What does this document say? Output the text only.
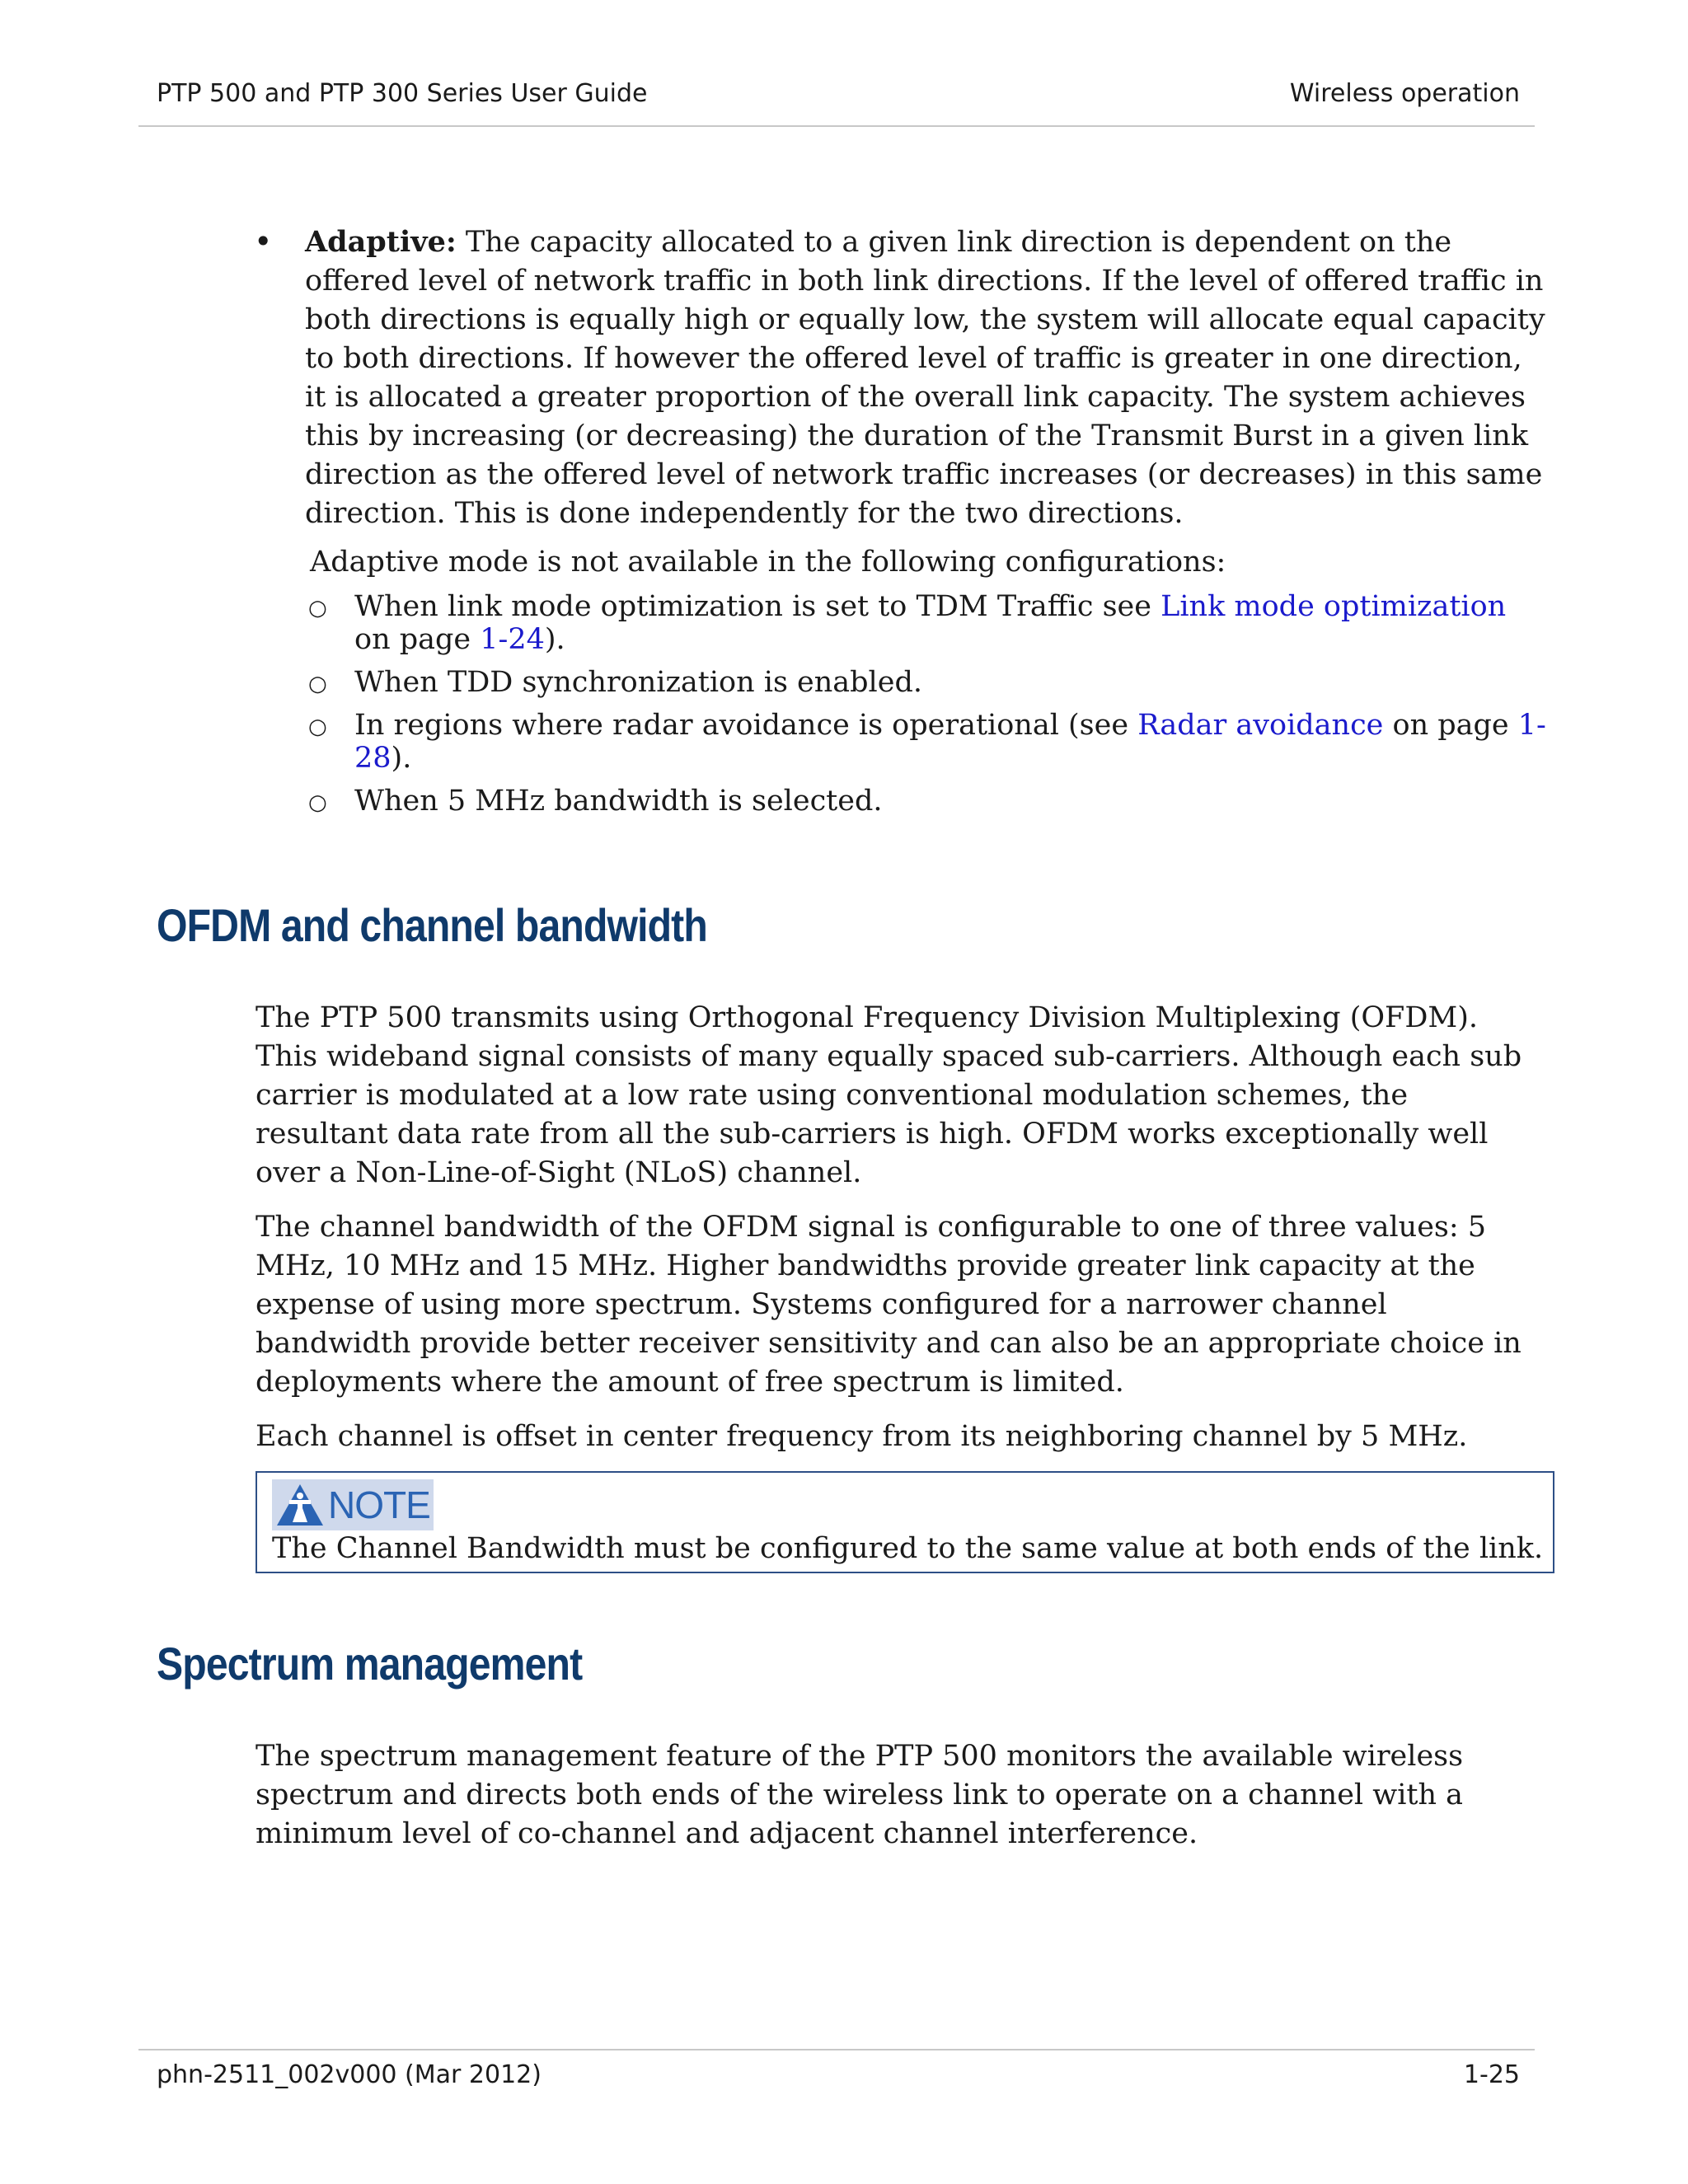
PTP 500 and PTP 300 Series User Guide	Wireless operation
• Adaptive: The capacity allocated to a given link direction is dependent on the offered level of network traffic in both link directions. If the level of offered traffic in both directions is equally high or equally low, the system will allocate equal capacity to both directions. If however the offered level of traffic is greater in one direction, it is allocated a greater proportion of the overall link capacity. The system achieves this by increasing (or decreasing) the duration of the Transmit Burst in a given link direction as the offered level of network traffic increases (or decreases) in this same direction. This is done independently for the two directions.
Adaptive mode is not available in the following configurations:
○ When link mode optimization is set to TDM Traffic see Link mode optimization on page 1-24).
○ When TDD synchronization is enabled.
○ In regions where radar avoidance is operational (see Radar avoidance on page 1-
28).
○ When 5 MHz bandwidth is selected.
OFDM and channel bandwidth

The PTP 500 transmits using Orthogonal Frequency Division Multiplexing (OFDM). This wideband signal consists of many equally spaced sub-carriers. Although each sub carrier is modulated at a low rate using conventional modulation schemes, the resultant data rate from all the sub-carriers is high. OFDM works exceptionally well over a Non-Line-of-Sight (NLoS) channel.

The channel bandwidth of the OFDM signal is configurable to one of three values: 5 MHz, 10 MHz and 15 MHz. Higher bandwidths provide greater link capacity at the expense of using more spectrum. Systems configured for a narrower channel bandwidth provide better receiver sensitivity and can also be an appropriate choice in deployments where the amount of free spectrum is limited.

Each channel is offset in center frequency from its neighboring channel by 5 MHz.

NOTE
The Channel Bandwidth must be configured to the same value at both ends of the link.
Spectrum management

The spectrum management feature of the PTP 500 monitors the available wireless spectrum and directs both ends of the wireless link to operate on a channel with a minimum level of co-channel and adjacent channel interference.

phn-2511_002v000 (Mar 2012)	1-25
